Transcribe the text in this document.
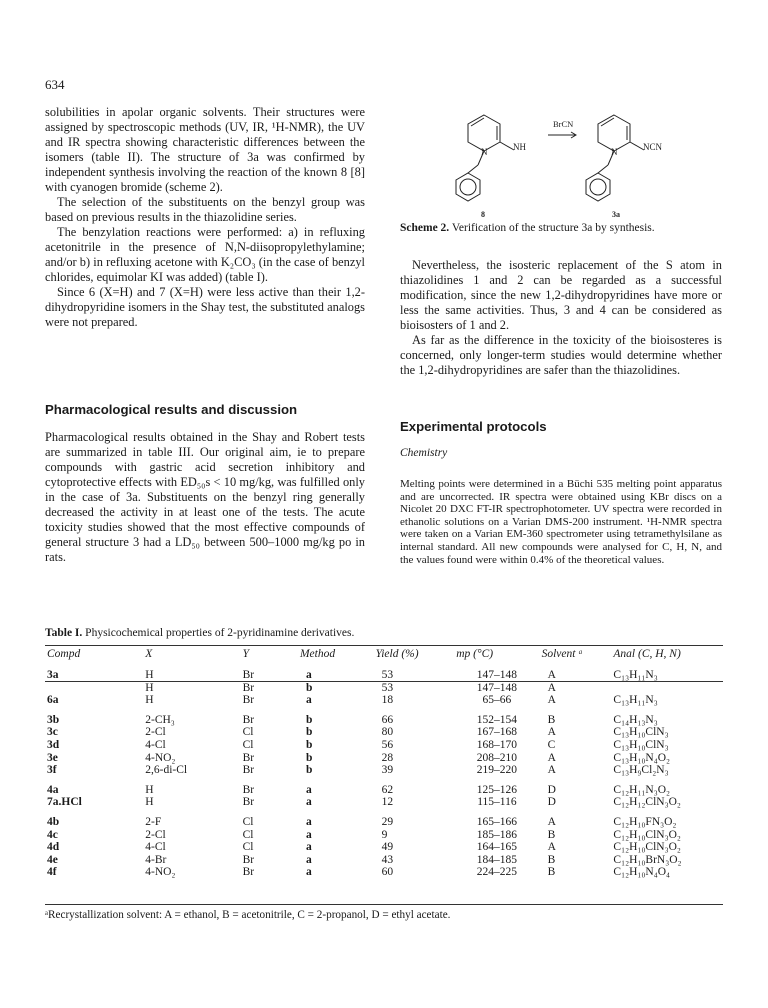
634

solubilities in apolar organic solvents. Their structures were assigned by spectroscopic methods (UV, IR, ¹H-NMR), the UV and IR spectra showing characteristic differences between the isomers (table II). The structure of 3a was confirmed by independent synthesis involving the reaction of the known 8 [8] with cyanogen bromide (scheme 2).

The selection of the substituents on the benzyl group was based on previous results in the thiazolidine series.

The benzylation reactions were performed: a) in refluxing acetonitrile in the presence of N,N-diisopropylethylamine; and/or b) in refluxing acetone with K₂CO₃ (in the case of benzyl chlorides, equimolar KI was added) (table I).

Since 6 (X=H) and 7 (X=H) were less active than their 1,2-dihydropyridine isomers in the Shay test, the substituted analogs were not prepared.

Pharmacological results and discussion

Pharmacological results obtained in the Shay and Robert tests are summarized in table III. Our original aim, ie to prepare compounds with gastric acid secretion inhibitory and cytoprotective effects with ED₅₀s < 10 mg/kg, was fulfilled only in the case of 3a. Substituents on the benzyl ring generally decreased the activity in at least one of the tests. The acute toxicity studies showed that the most effective compounds of general structure 3 had a LD₅₀ between 500–1000 mg/kg po in rats.

N	NH
BrCN
N	NCN
8	3a
Scheme 2. Verification of the structure 3a by synthesis.

Nevertheless, the isosteric replacement of the S atom in thiazolidines 1 and 2 can be regarded as a successful modification, since the new 1,2-dihydropyridines have more or less the same activities. Thus, 3 and 4 can be considered as bioisosters of 1 and 2.

As far as the difference in the toxicity of the bioisosteres is concerned, only longer-term studies would determine whether the 1,2-dihydropyridines are safer than the thiazolidines.

Experimental protocols
Chemistry
Melting points were determined in a Büchi 535 melting point apparatus and are uncorrected. IR spectra were obtained using KBr discs on a Nicolet 20 DXC FT-IR spectrophotometer. UV spectra were recorded in ethanolic solutions on a Varian DMS-200 instrument. ¹H-NMR spectra were taken on a Varian EM-360 spectrometer using tetramethylsilane as internal standard. All new compounds were analysed for C, H, N, and the values found were within 0.4% of the theoretical values.
Table I. Physicochemical properties of 2-pyridinamine derivatives.
Compd	X	Y	Method	Yield (%)	mp (°C)	Solvent ᵃ	Anal (C, H, N)

3a	H	Br	a	53	147–148	A	C₁₃H₁₁N₃
	H	Br	b	53	147–148	A	
6a	H	Br	a	18	65–66	A	C₁₃H₁₁N₃

3b	2-CH₃	Br	b	66	152–154	B	C₁₄H₁₃N₃
3c	2-Cl	Cl	b	80	167–168	A	C₁₃H₁₀ClN₃
3d	4-Cl	Cl	b	56	168–170	C	C₁₃H₁₀ClN₃
3e	4-NO₂	Br	b	28	208–210	A	C₁₃H₁₀N₄O₂
3f	2,6-di-Cl	Br	b	39	219–220	A	C₁₃H₉Cl₂N₃

4a	H	Br	a	62	125–126	D	C₁₂H₁₁N₃O₂
7a.HCl	H	Br	a	12	115–116	D	C₁₂H₁₂ClN₃O₂

4b	2-F	Cl	a	29	165–166	A	C₁₂H₁₀FN₃O₂
4c	2-Cl	Cl	a	9	185–186	B	C₁₂H₁₀ClN₃O₂
4d	4-Cl	Cl	a	49	164–165	A	C₁₂H₁₀ClN₃O₂
4e	4-Br	Br	a	43	184–185	B	C₁₂H₁₀BrN₃O₂
4f	4-NO₂	Br	a	60	224–225	B	C₁₂H₁₀N₄O₄
ᵃRecrystallization solvent: A = ethanol, B = acetonitrile, C = 2-propanol, D = ethyl acetate.
